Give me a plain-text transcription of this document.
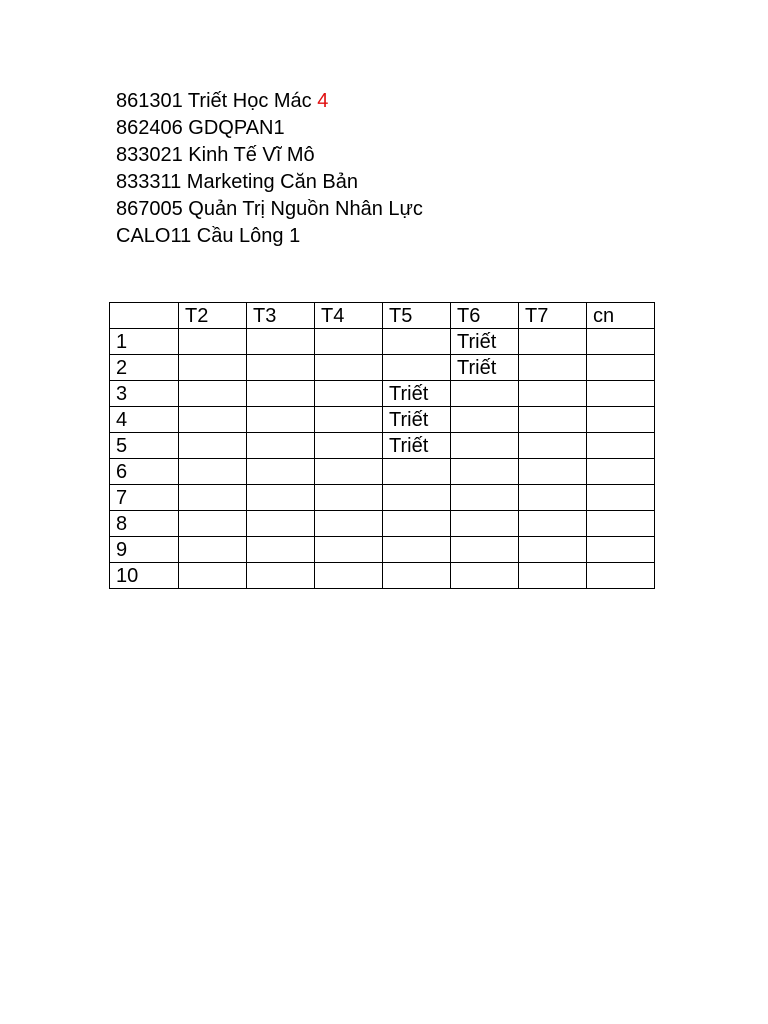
861301 Triết Học Mác 4
862406 GDQPAN1
833021 Kinh Tế Vĩ Mô
833311 Marketing Căn Bản
867005 Quản Trị Nguồn Nhân Lực
CALO11 Cầu Lông 1
	T2	T3	T4	T5	T6	T7	cn
1					Triết		
2					Triết		
3				Triết			
4				Triết			
5				Triết			
6							
7							
8							
9							
10							
